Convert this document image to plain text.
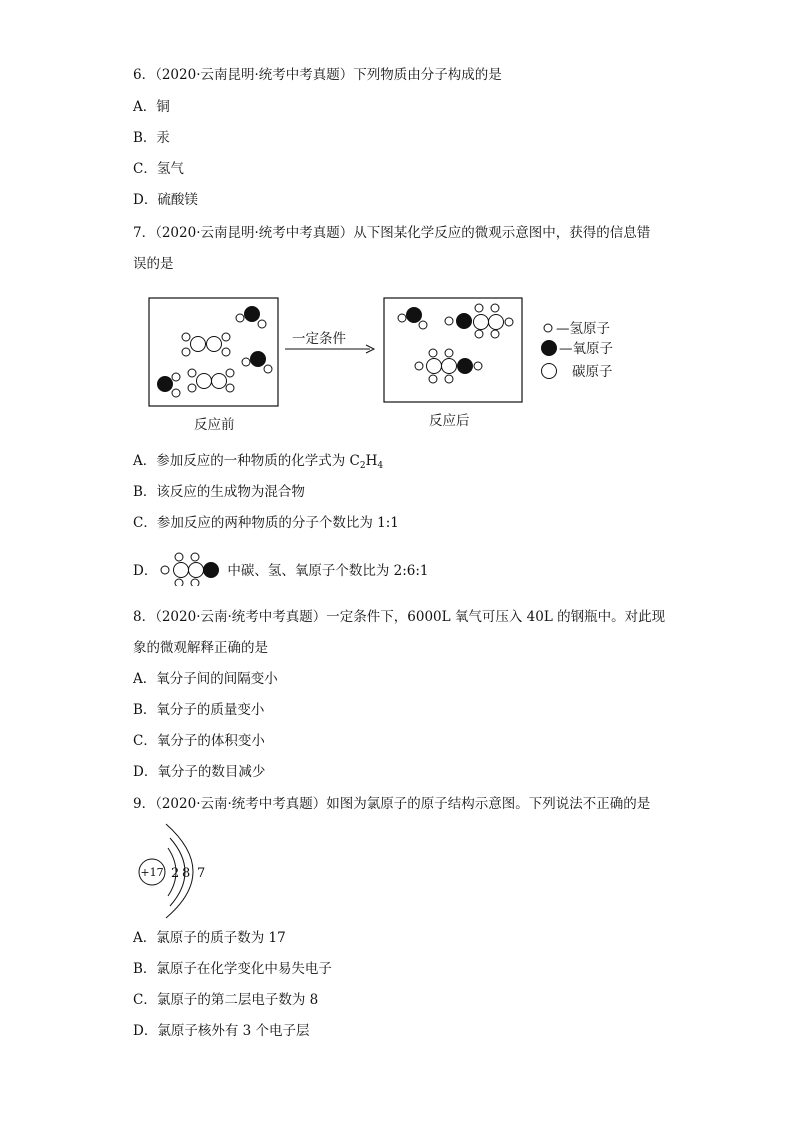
6．（2020·云南昆明·统考中考真题）下列物质由分子构成的是
A．铜
B．汞
C．氢气
D．硫酸镁
7．（2020·云南昆明·统考中考真题）从下图某化学反应的微观示意图中，获得的信息错
误的是
一定条件
反应前	反应后
—氢原子
—氧原子
碳原子
A．参加反应的一种物质的化学式为 $C_2H_4$
B．该反应的生成物为混合物
C．参加反应的两种物质的分子个数比为 1:1
D．	中碳、氢、氧原子个数比为 2:6:1
8．（2020·云南·统考中考真题）一定条件下，6000L 氧气可压入 40L 的钢瓶中。对此现
象的微观解释正确的是
A．氧分子间的间隔变小
B．氧分子的质量变小
C．氧分子的体积变小
D．氧分子的数目减少
9．（2020·云南·统考中考真题）如图为氯原子的原子结构示意图。下列说法不正确的是
+17 2 8 7
A．氯原子的质子数为 17
B．氯原子在化学变化中易失电子
C．氯原子的第二层电子数为 8
D．氯原子核外有 3 个电子层
